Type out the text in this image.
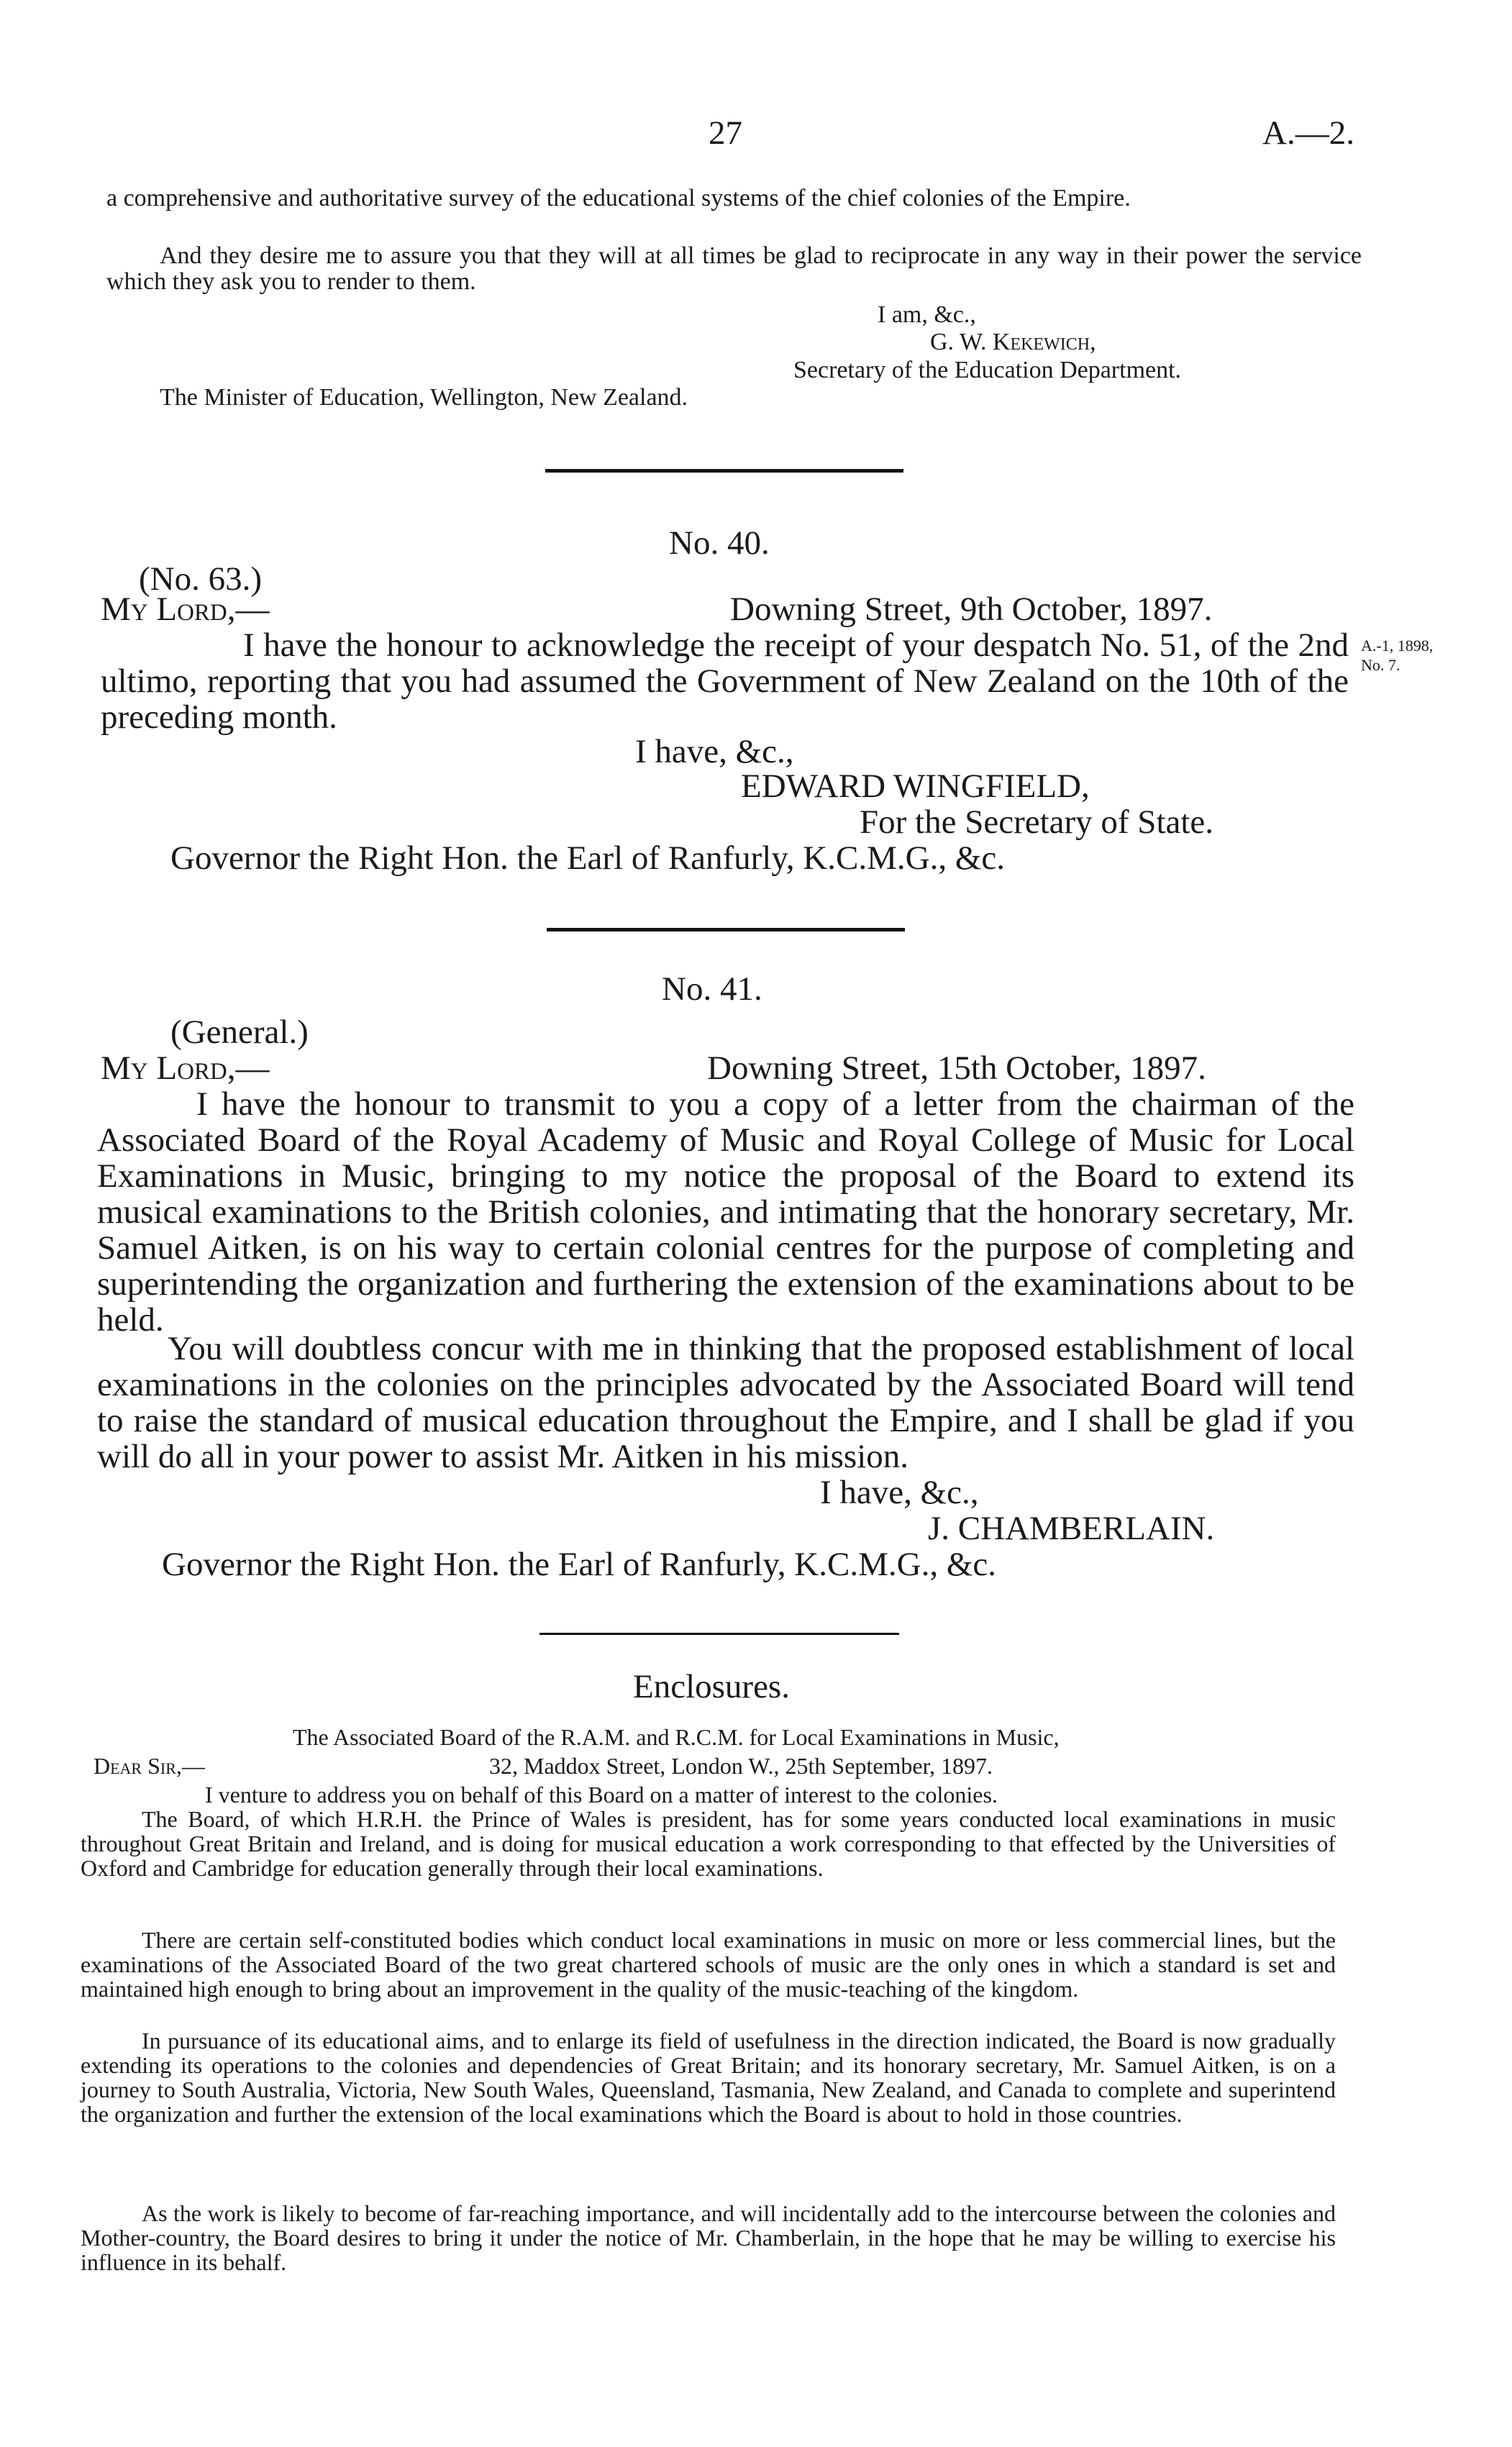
27	A.—2.
a comprehensive and authoritative survey of the educational systems of the chief colonies of the Empire.
And they desire me to assure you that they will at all times be glad to reciprocate in any way in their power the service which they ask you to render to them.
I am, &c.,
G. W. Kekewich,
Secretary of the Education Department.
The Minister of Education, Wellington, New Zealand.
No. 40.
(No. 63.)
My Lord,—	Downing Street, 9th October, 1897.
I have the honour to acknowledge the receipt of your despatch No. 51, of the 2nd ultimo, reporting that you had assumed the Government of New Zealand on the 10th of the preceding month.
A.-1, 1898,
No. 7.
I have, &c.,
EDWARD WINGFIELD,
For the Secretary of State.
Governor the Right Hon. the Earl of Ranfurly, K.C.M.G., &c.
No. 41.
(General.)
My Lord,—	Downing Street, 15th October, 1897.
I have the honour to transmit to you a copy of a letter from the chairman of the Associated Board of the Royal Academy of Music and Royal College of Music for Local Examinations in Music, bringing to my notice the proposal of the Board to extend its musical examinations to the British colonies, and intimating that the honorary secretary, Mr. Samuel Aitken, is on his way to certain colonial centres for the purpose of completing and superintending the organization and furthering the extension of the examinations about to be held.
You will doubtless concur with me in thinking that the proposed establishment of local examinations in the colonies on the principles advocated by the Associated Board will tend to raise the standard of musical education throughout the Empire, and I shall be glad if you will do all in your power to assist Mr. Aitken in his mission.
I have, &c.,
J. CHAMBERLAIN.
Governor the Right Hon. the Earl of Ranfurly, K.C.M.G., &c.
Enclosures.
The Associated Board of the R.A.M. and R.C.M. for Local Examinations in Music,
Dear Sir,—	32, Maddox Street, London W., 25th September, 1897.
I venture to address you on behalf of this Board on a matter of interest to the colonies.
The Board, of which H.R.H. the Prince of Wales is president, has for some years conducted local examinations in music throughout Great Britain and Ireland, and is doing for musical education a work corresponding to that effected by the Universities of Oxford and Cambridge for education generally through their local examinations.
There are certain self-constituted bodies which conduct local examinations in music on more or less commercial lines, but the examinations of the Associated Board of the two great chartered schools of music are the only ones in which a standard is set and maintained high enough to bring about an improvement in the quality of the music-teaching of the kingdom.
In pursuance of its educational aims, and to enlarge its field of usefulness in the direction indicated, the Board is now gradually extending its operations to the colonies and dependencies of Great Britain; and its honorary secretary, Mr. Samuel Aitken, is on a journey to South Australia, Victoria, New South Wales, Queensland, Tasmania, New Zealand, and Canada to complete and superintend the organization and further the extension of the local examinations which the Board is about to hold in those countries.
As the work is likely to become of far-reaching importance, and will incidentally add to the intercourse between the colonies and Mother-country, the Board desires to bring it under the notice of Mr. Chamberlain, in the hope that he may be willing to exercise his influence in its behalf.
